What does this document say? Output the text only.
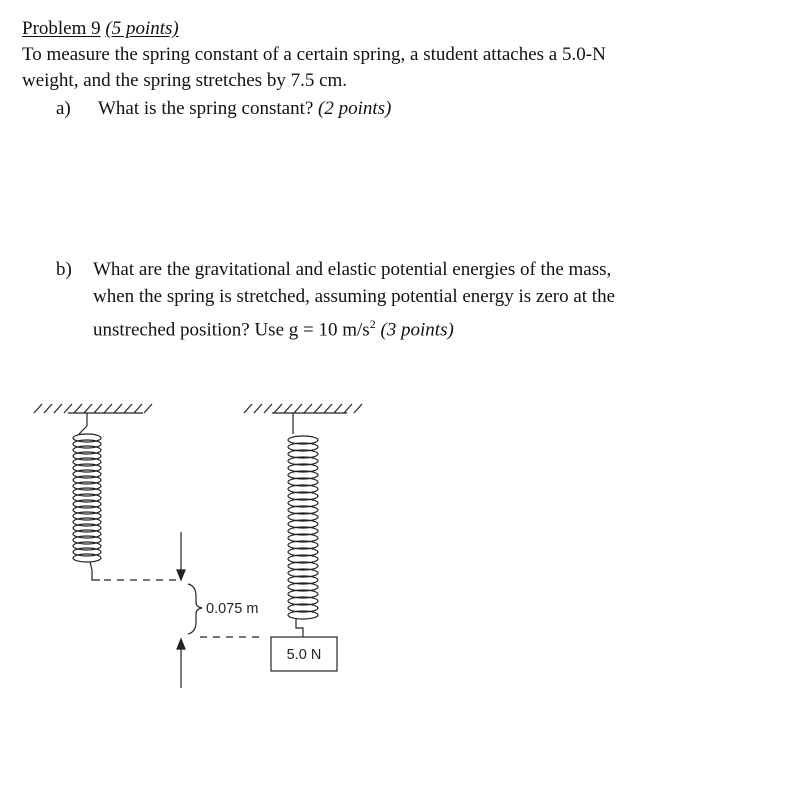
Problem 9 (5 points)
To measure the spring constant of a certain spring, a student attaches a 5.0-N
weight, and the spring stretches by 7.5 cm.
a) What is the spring constant? (2 points)
b) What are the gravitational and elastic potential energies of the mass,
when the spring is stretched, assuming potential energy is zero at the
unstreched position? Use g = 10 $m/s^2$ (3 points)
0.075 m
5.0 N
